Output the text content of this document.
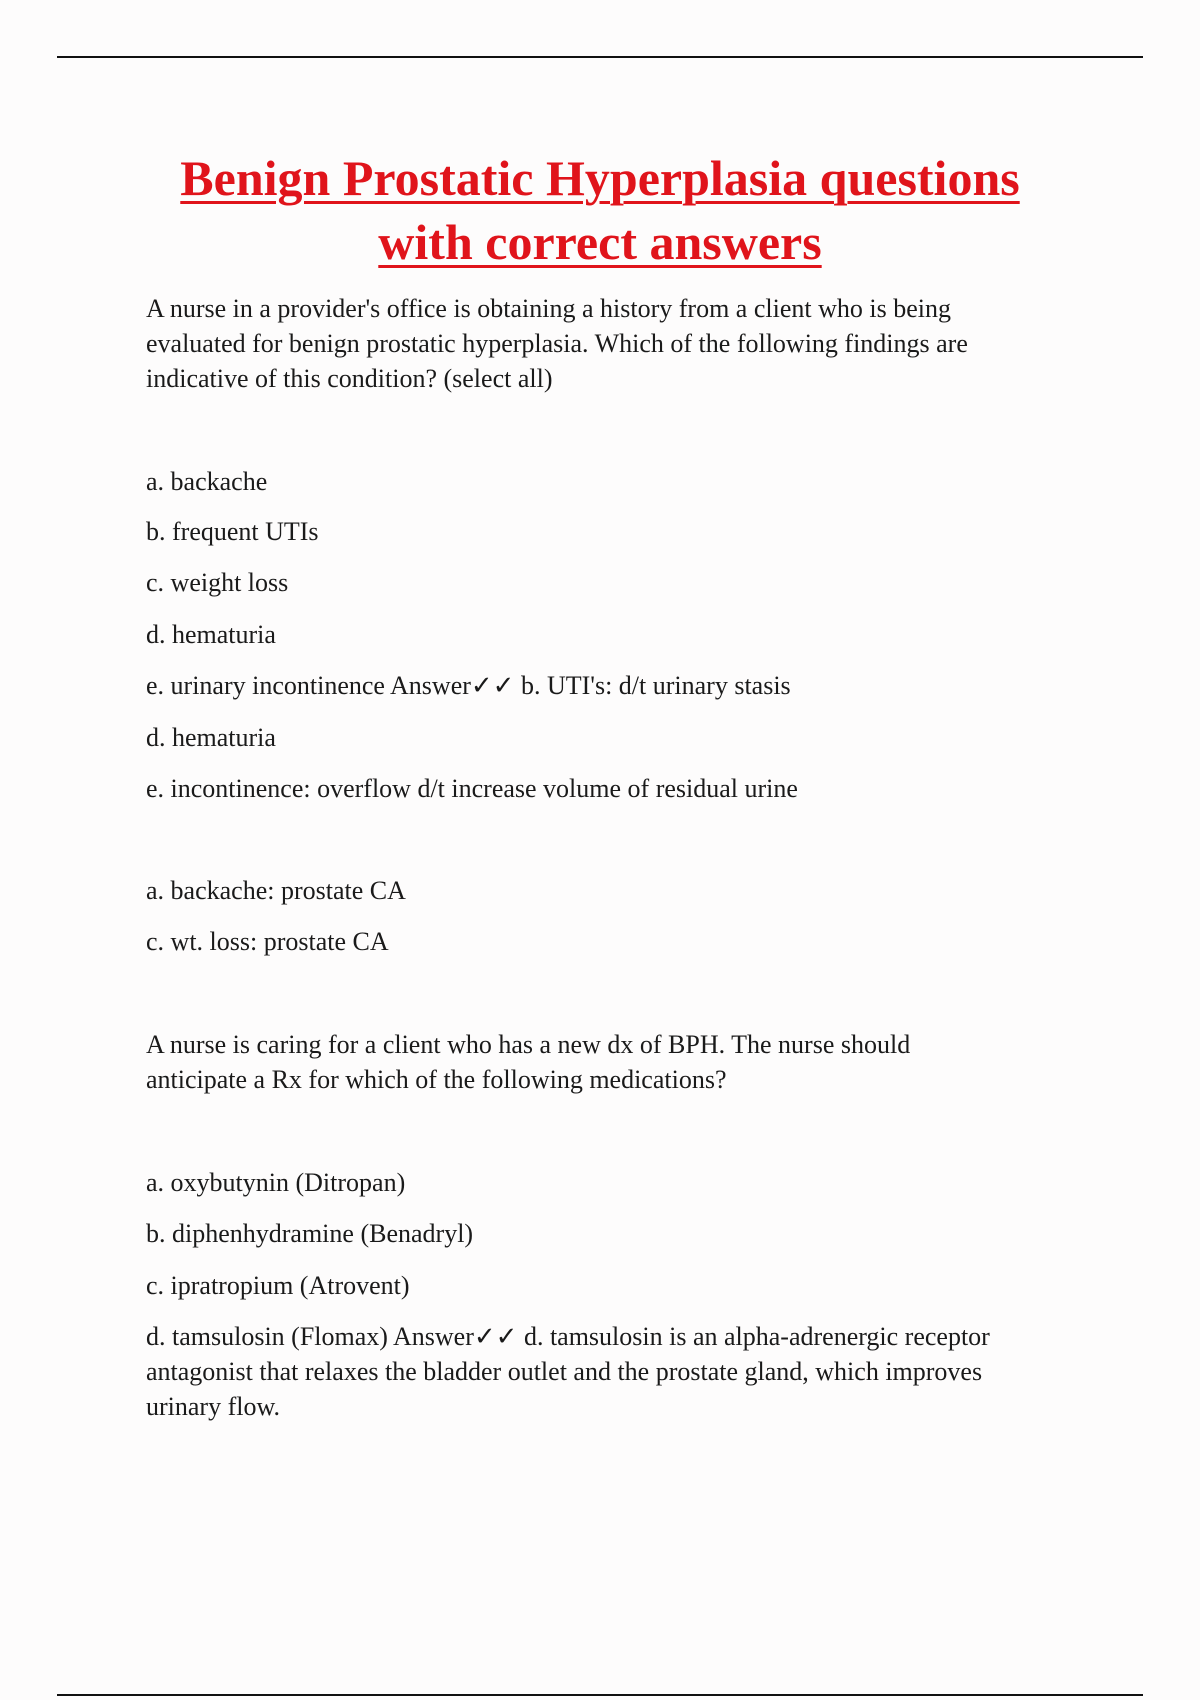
Benign Prostatic Hyperplasia questions
with correct answers
A nurse in a provider's office is obtaining a history from a client who is being
evaluated for benign prostatic hyperplasia. Which of the following findings are
indicative of this condition? (select all)
a. backache
b. frequent UTIs
c. weight loss
d. hematuria
e. urinary incontinence Answer✓✓ b. UTI's: d/t urinary stasis
d. hematuria
e. incontinence: overflow d/t increase volume of residual urine
a. backache: prostate CA
c. wt. loss: prostate CA
A nurse is caring for a client who has a new dx of BPH. The nurse should
anticipate a Rx for which of the following medications?
a. oxybutynin (Ditropan)
b. diphenhydramine (Benadryl)
c. ipratropium (Atrovent)
d. tamsulosin (Flomax) Answer✓✓ d. tamsulosin is an alpha-adrenergic receptor
antagonist that relaxes the bladder outlet and the prostate gland, which improves
urinary flow.
